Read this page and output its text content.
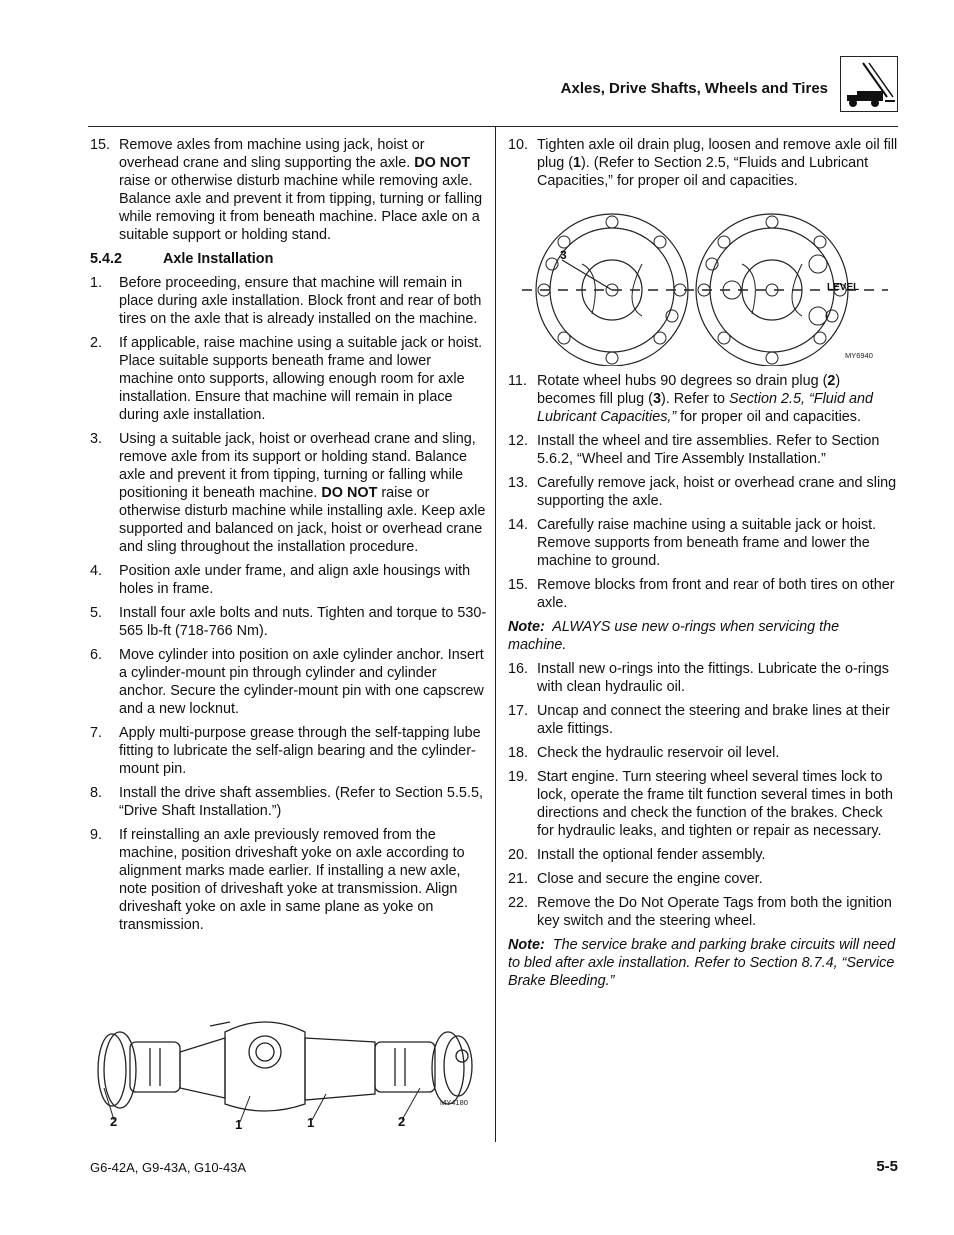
Axles, Drive Shafts, Wheels and Tires
15. Remove axles from machine using jack, hoist or overhead crane and sling supporting the axle. DO NOT raise or otherwise disturb machine while removing axle. Balance axle and prevent it from tipping, turning or falling while removing it from beneath machine. Place axle on a suitable support or holding stand.
5.4.2	Axle Installation
1. Before proceeding, ensure that machine will remain in place during axle installation. Block front and rear of both tires on the axle that is already installed on the machine.
2. If applicable, raise machine using a suitable jack or hoist. Place suitable supports beneath frame and lower machine onto supports, allowing enough room for axle installation. Ensure that machine will remain in place during axle installation.
3. Using a suitable jack, hoist or overhead crane and sling, remove axle from its support or holding stand. Balance axle and prevent it from tipping, turning or falling while positioning it beneath machine. DO NOT raise or otherwise disturb machine while installing axle. Keep axle supported and balanced on jack, hoist or overhead crane and sling throughout the installation procedure.
4. Position axle under frame, and align axle housings with holes in frame.
5. Install four axle bolts and nuts. Tighten and torque to 530-565 lb-ft (718-766 Nm).
6. Move cylinder into position on axle cylinder anchor. Insert a cylinder-mount pin through cylinder and cylinder anchor. Secure the cylinder-mount pin with one capscrew and a new locknut.
7. Apply multi-purpose grease through the self-tapping lube fitting to lubricate the self-align bearing and the cylinder-mount pin.
8. Install the drive shaft assemblies. (Refer to Section 5.5.5, “Drive Shaft Installation.”)
9. If reinstalling an axle previously removed from the machine, position driveshaft yoke on axle according to alignment marks made earlier. If installing a new axle, note position of driveshaft yoke at transmission. Align driveshaft yoke on axle in same plane as yoke on transmission.
MY4180
2	1	1	2
10. Tighten axle oil drain plug, loosen and remove axle oil fill plug (1). (Refer to Section 2.5, “Fluids and Lubricant Capacities,” for proper oil and capacities.
11. Rotate wheel hubs 90 degrees so drain plug (2) becomes fill plug (3). Refer to Section 2.5, “Fluid and Lubricant Capacities,” for proper oil and capacities.
12. Install the wheel and tire assemblies. Refer to Section 5.6.2, “Wheel and Tire Assembly Installation.”
13. Carefully remove jack, hoist or overhead crane and sling supporting the axle.
14. Carefully raise machine using a suitable jack or hoist. Remove supports from beneath frame and lower the machine to ground.
15. Remove blocks from front and rear of both tires on other axle.
Note: ALWAYS use new o-rings when servicing the machine.
16. Install new o-rings into the fittings. Lubricate the o-rings with clean hydraulic oil.
17. Uncap and connect the steering and brake lines at their axle fittings.
18. Check the hydraulic reservoir oil level.
19. Start engine. Turn steering wheel several times lock to lock, operate the frame tilt function several times in both directions and check the function of the brakes. Check for hydraulic leaks, and tighten or repair as necessary.
20. Install the optional fender assembly.
21. Close and secure the engine cover.
22. Remove the Do Not Operate Tags from both the ignition key switch and the steering wheel.
Note: The service brake and parking brake circuits will need to bled after axle installation. Refer to Section 8.7.4, “Service Brake Bleeding.”
3
LEVEL
MY6940
G6-42A, G9-43A, G10-43A	5-5
